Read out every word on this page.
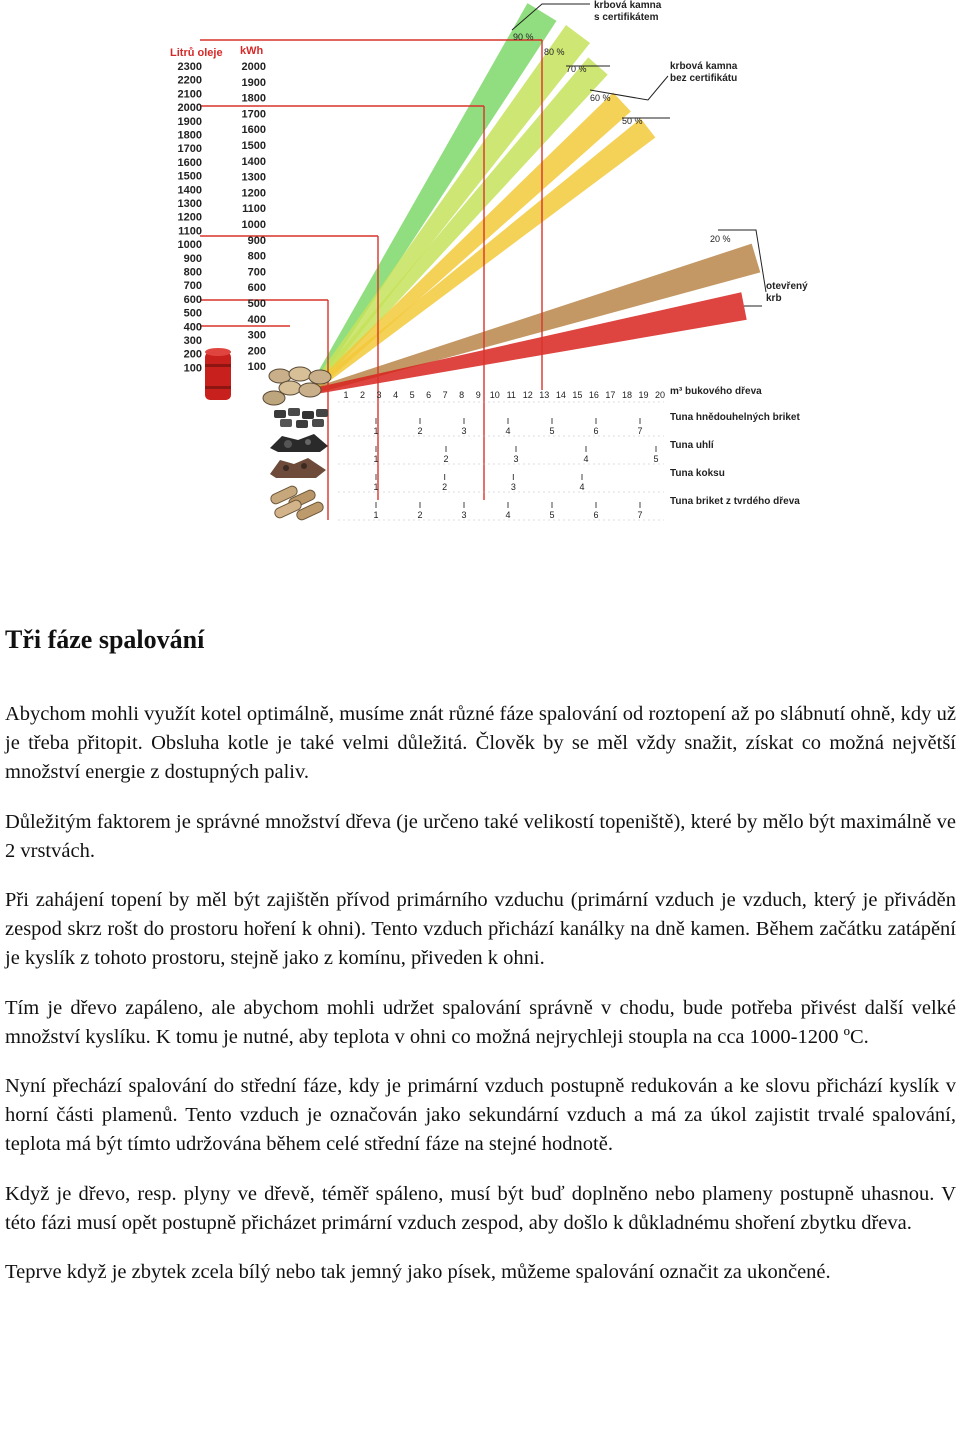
Litrů oleje kWh
2300
2200
2100
2000
1900
1800
1700
1600
1500
1400
1300
1200
1100
1000
900
800
700
600
500
400
300
200
100
2000
1900
1800
1700
1600
1500
1400
1300
1200
1100
1000
900
800
700
600
500
400
300
200
100
1 2 3 4 5 6 7 8 9 10 11 12 13 14 15 16 17 18 19 20 m³ bukového dřeva
1	2	3	4	5	6	7
Tuna hnědouhelných briket
1	2	3	4	5
Tuna uhlí
1	2	3	4
Tuna koksu
1	2	3	4	5	6	7
Tuna briket z tvrdého dřeva
krbová kamna
s certifikátem
krbová kamna
bez certifikátu
otevřený
krb
90 %
80 %
70 %
60 %
50 %
20 %
Tři fáze spalování

Abychom mohli využít kotel optimálně, musíme znát různé fáze spalování od roztopení až po slábnutí ohně, kdy už je třeba přitopit. Obsluha kotle je také velmi důležitá. Člověk by se měl vždy snažit, získat co možná největší množství energie z dostupných paliv.

Důležitým faktorem je správné množství dřeva (je určeno také velikostí topeniště), které by mělo být maximálně ve 2 vrstvách.

Při zahájení topení by měl být zajištěn přívod primárního vzduchu (primární vzduch je vzduch, který je přiváděn zespod skrz rošt do prostoru hoření k ohni). Tento vzduch přichází kanálky na dně kamen. Během začátku zatápění je kyslík z tohoto prostoru, stejně jako z komínu, přiveden k ohni.

Tím je dřevo zapáleno, ale abychom mohli udržet spalování správně v chodu, bude potřeba přivést další velké množství kyslíku. K tomu je nutné, aby teplota v ohni co možná nejrychleji stoupla na cca 1000-1200 ºC.

Nyní přechází spalování do střední fáze, kdy je primární vzduch postupně redukován a ke slovu přichází kyslík v horní části plamenů. Tento vzduch je označován jako sekundární vzduch a má za úkol zajistit trvalé spalování, teplota má být tímto udržována během celé střední fáze na stejné hodnotě.

Když je dřevo, resp. plyny ve dřevě, téměř spáleno, musí být buď doplněno nebo plameny postupně uhasnou. V této fázi musí opět postupně přicházet primární vzduch zespod, aby došlo k důkladnému shoření zbytku dřeva.

Teprve když je zbytek zcela bílý nebo tak jemný jako písek, můžeme spalování označit za ukončené.
